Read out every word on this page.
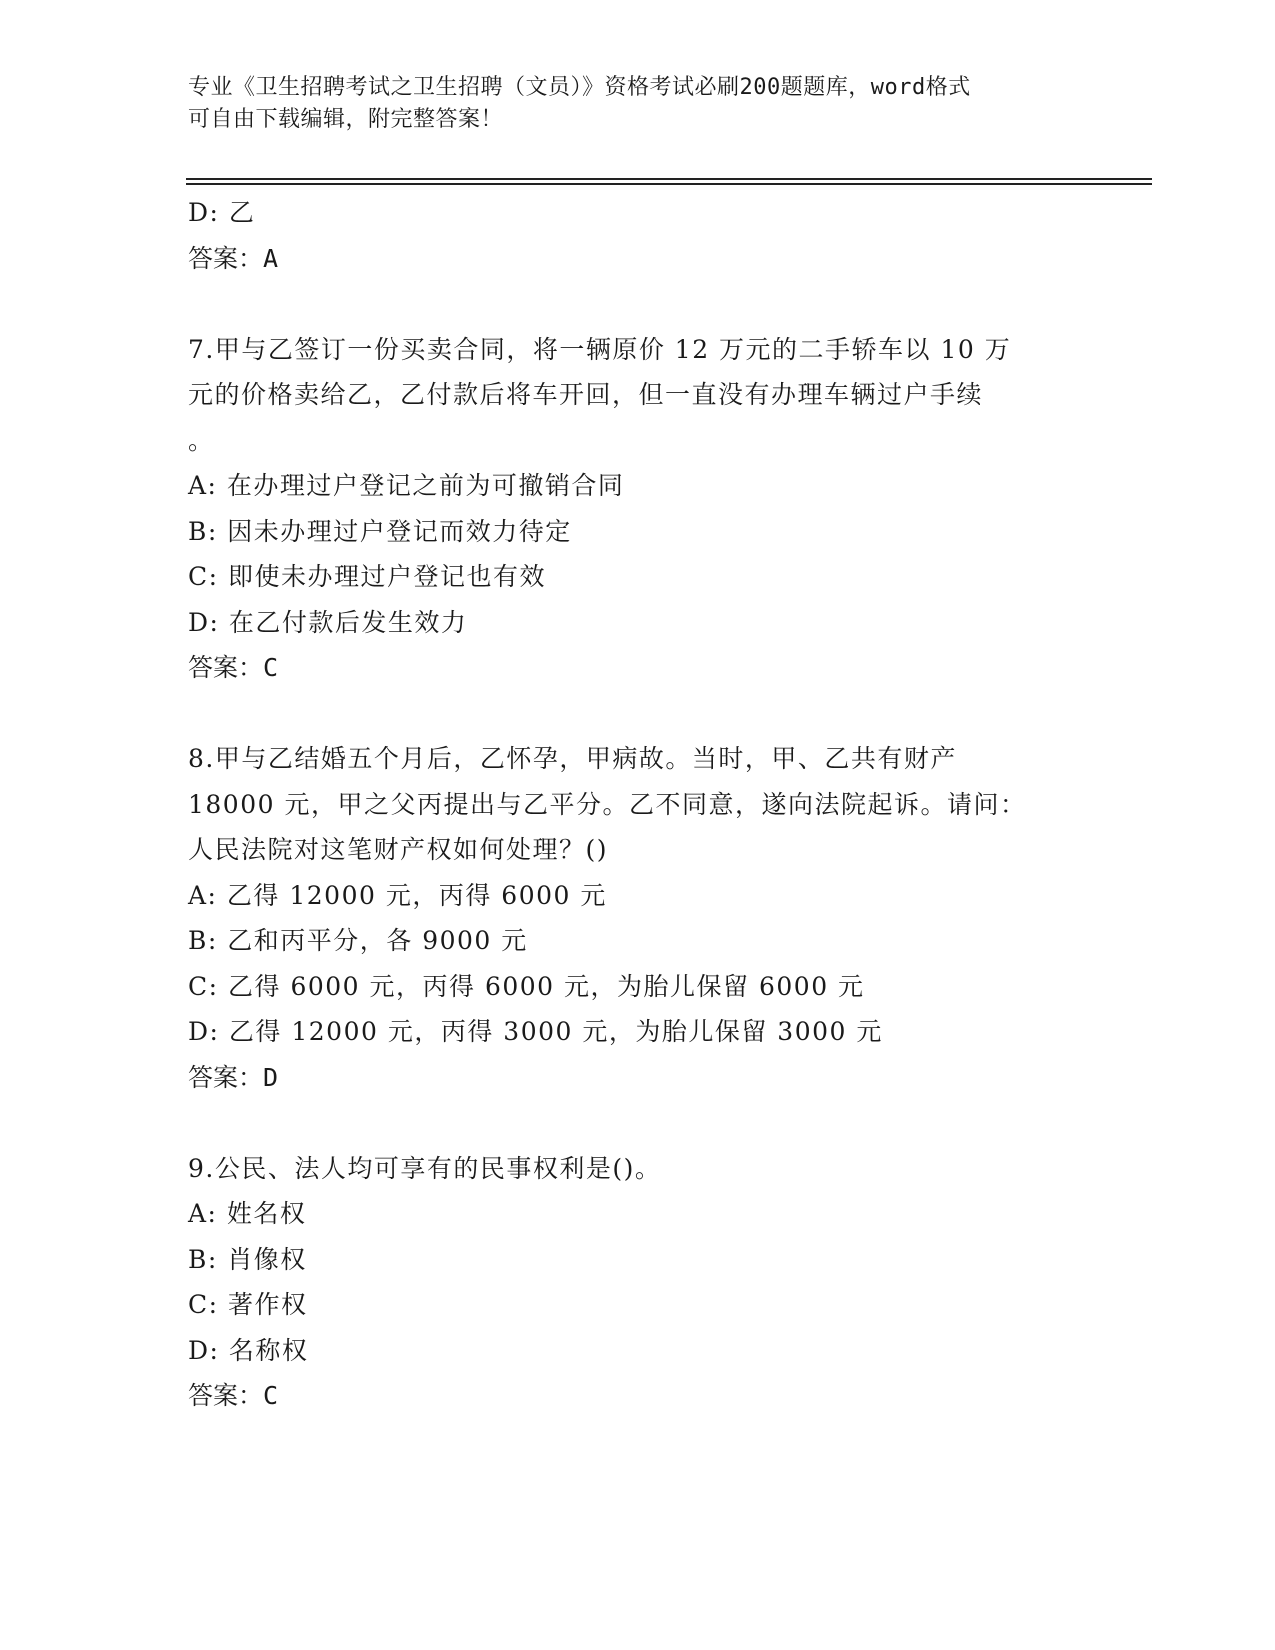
专业《卫生招聘考试之卫生招聘（文员）》资格考试必刷200题题库，word格式
可自由下载编辑，附完整答案！
D: 乙
答案：A
7.甲与乙签订一份买卖合同，将一辆原价 12 万元的二手轿车以 10 万
元的价格卖给乙，乙付款后将车开回，但一直没有办理车辆过户手续
。
A: 在办理过户登记之前为可撤销合同
B: 因未办理过户登记而效力待定
C: 即使未办理过户登记也有效
D: 在乙付款后发生效力
答案：C
8.甲与乙结婚五个月后，乙怀孕，甲病故。当时，甲、乙共有财产
18000 元，甲之父丙提出与乙平分。乙不同意，遂向法院起诉。请问：
人民法院对这笔财产权如何处理？()
A: 乙得 12000 元，丙得 6000 元
B: 乙和丙平分，各 9000 元
C: 乙得 6000 元，丙得 6000 元，为胎儿保留 6000 元
D: 乙得 12000 元，丙得 3000 元，为胎儿保留 3000 元
答案：D
9.公民、法人均可享有的民事权利是()。
A: 姓名权
B: 肖像权
C: 著作权
D: 名称权
答案：C
